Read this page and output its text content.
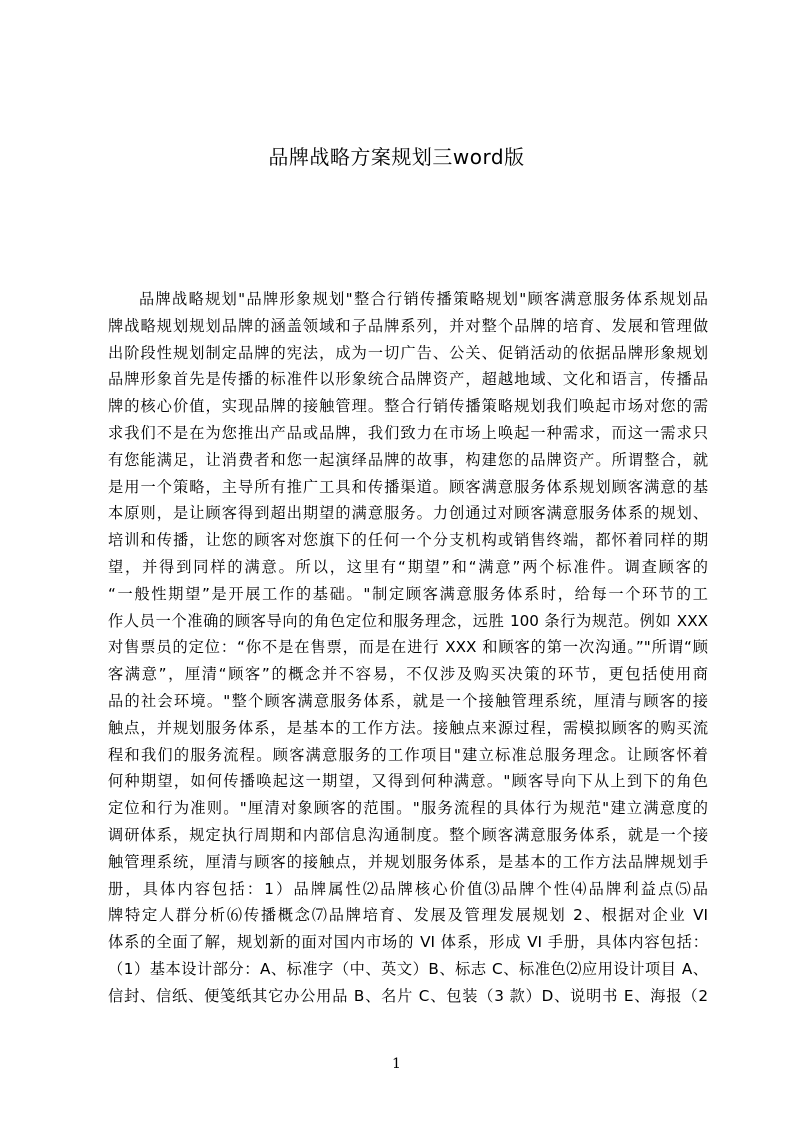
品牌战略方案规划三word版
品牌战略规划"品牌形象规划"整合行销传播策略规划"顾客满意服务体系规划品
牌战略规划规划品牌的涵盖领域和子品牌系列，并对整个品牌的培育、发展和管理做
出阶段性规划制定品牌的宪法，成为一切广告、公关、促销活动的依据品牌形象规划
品牌形象首先是传播的标准件以形象统合品牌资产，超越地域、文化和语言，传播品
牌的核心价值，实现品牌的接触管理。整合行销传播策略规划我们唤起市场对您的需
求我们不是在为您推出产品或品牌，我们致力在市场上唤起一种需求，而这一需求只
有您能满足，让消费者和您一起演绎品牌的故事，构建您的品牌资产。所谓整合，就
是用一个策略，主导所有推广工具和传播渠道。顾客满意服务体系规划顾客满意的基
本原则，是让顾客得到超出期望的满意服务。力创通过对顾客满意服务体系的规划、
培训和传播，让您的顾客对您旗下的任何一个分支机构或销售终端，都怀着同样的期
望，并得到同样的满意。所以，这里有“期望”和“满意”两个标准件。调查顾客的
“一般性期望”是开展工作的基础。"制定顾客满意服务体系时，给每一个环节的工
作人员一个准确的顾客导向的角色定位和服务理念，远胜 100 条行为规范。例如 XXX
对售票员的定位：“你不是在售票，而是在进行 XXX 和顾客的第一次沟通。”"所谓“顾
客满意”，厘清“顾客”的概念并不容易，不仅涉及购买决策的环节，更包括使用商
品的社会环境。"整个顾客满意服务体系，就是一个接触管理系统，厘清与顾客的接
触点，并规划服务体系，是基本的工作方法。接触点来源过程，需模拟顾客的购买流
程和我们的服务流程。顾客满意服务的工作项目"建立标准总服务理念。让顾客怀着
何种期望，如何传播唤起这一期望，又得到何种满意。"顾客导向下从上到下的角色
定位和行为准则。"厘清对象顾客的范围。"服务流程的具体行为规范"建立满意度的
调研体系，规定执行周期和内部信息沟通制度。整个顾客满意服务体系，就是一个接
触管理系统，厘清与顾客的接触点，并规划服务体系，是基本的工作方法品牌规划手
册，具体内容包括：1）品牌属性⑵品牌核心价值⑶品牌个性⑷品牌利益点⑸品
牌特定人群分析⑹传播概念⑺品牌培育、发展及管理发展规划 2、根据对企业 VI
体系的全面了解，规划新的面对国内市场的 VI 体系，形成 VI 手册，具体内容包括：
（1）基本设计部分：A、标准字（中、英文）B、标志 C、标准色⑵应用设计项目 A、
信封、信纸、便笺纸其它办公用品 B、名片 C、包装（3 款）D、说明书 E、海报（2
1
